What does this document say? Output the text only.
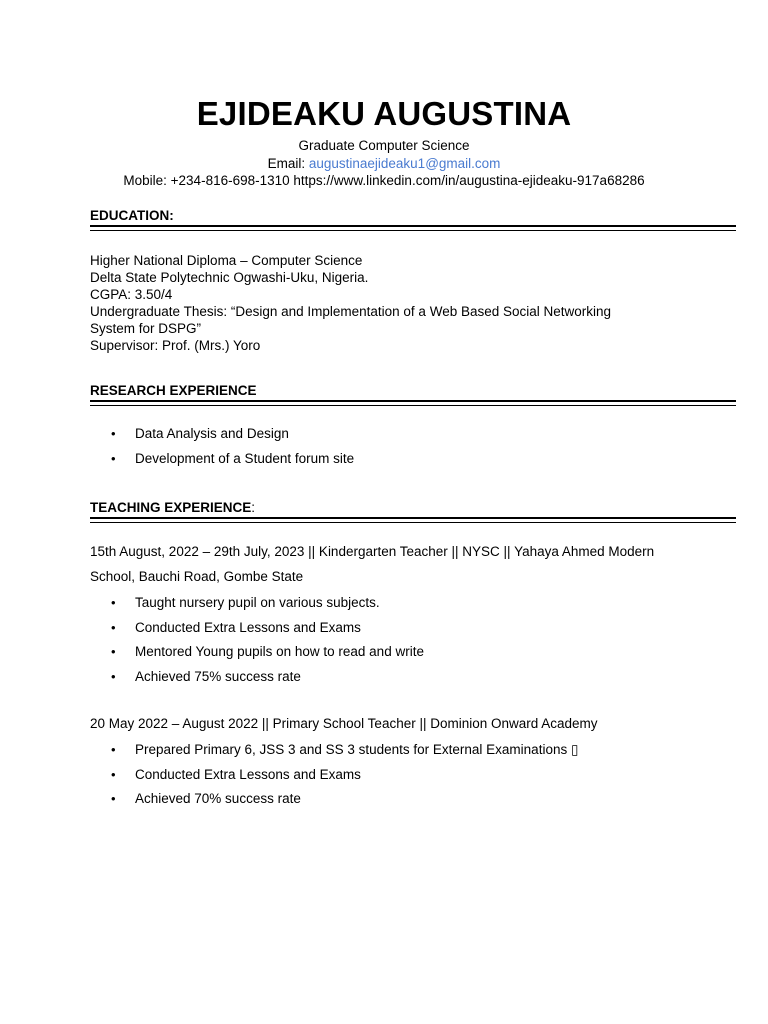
EJIDEAKU AUGUSTINA
Graduate Computer Science
Email: augustinaejideaku1@gmail.com
Mobile: +234-816-698-1310 https://www.linkedin.com/in/augustina-ejideaku-917a68286
EDUCATION:
Higher National Diploma – Computer Science
Delta State Polytechnic Ogwashi-Uku, Nigeria.
CGPA: 3.50/4
Undergraduate Thesis: “Design and Implementation of a Web Based Social Networking
System for DSPG”
Supervisor: Prof. (Mrs.) Yoro
RESEARCH EXPERIENCE
• Data Analysis and Design
• Development of a Student forum site
TEACHING EXPERIENCE:
15th August, 2022 – 29th July, 2023 || Kindergarten Teacher || NYSC || Yahaya Ahmed Modern
School, Bauchi Road, Gombe State
• Taught nursery pupil on various subjects.
• Conducted Extra Lessons and Exams
• Mentored Young pupils on how to read and write
• Achieved 75% success rate
20 May 2022 – August 2022 || Primary School Teacher || Dominion Onward Academy
• Prepared Primary 6, JSS 3 and SS 3 students for External Examinations ▯
• Conducted Extra Lessons and Exams
• Achieved 70% success rate
